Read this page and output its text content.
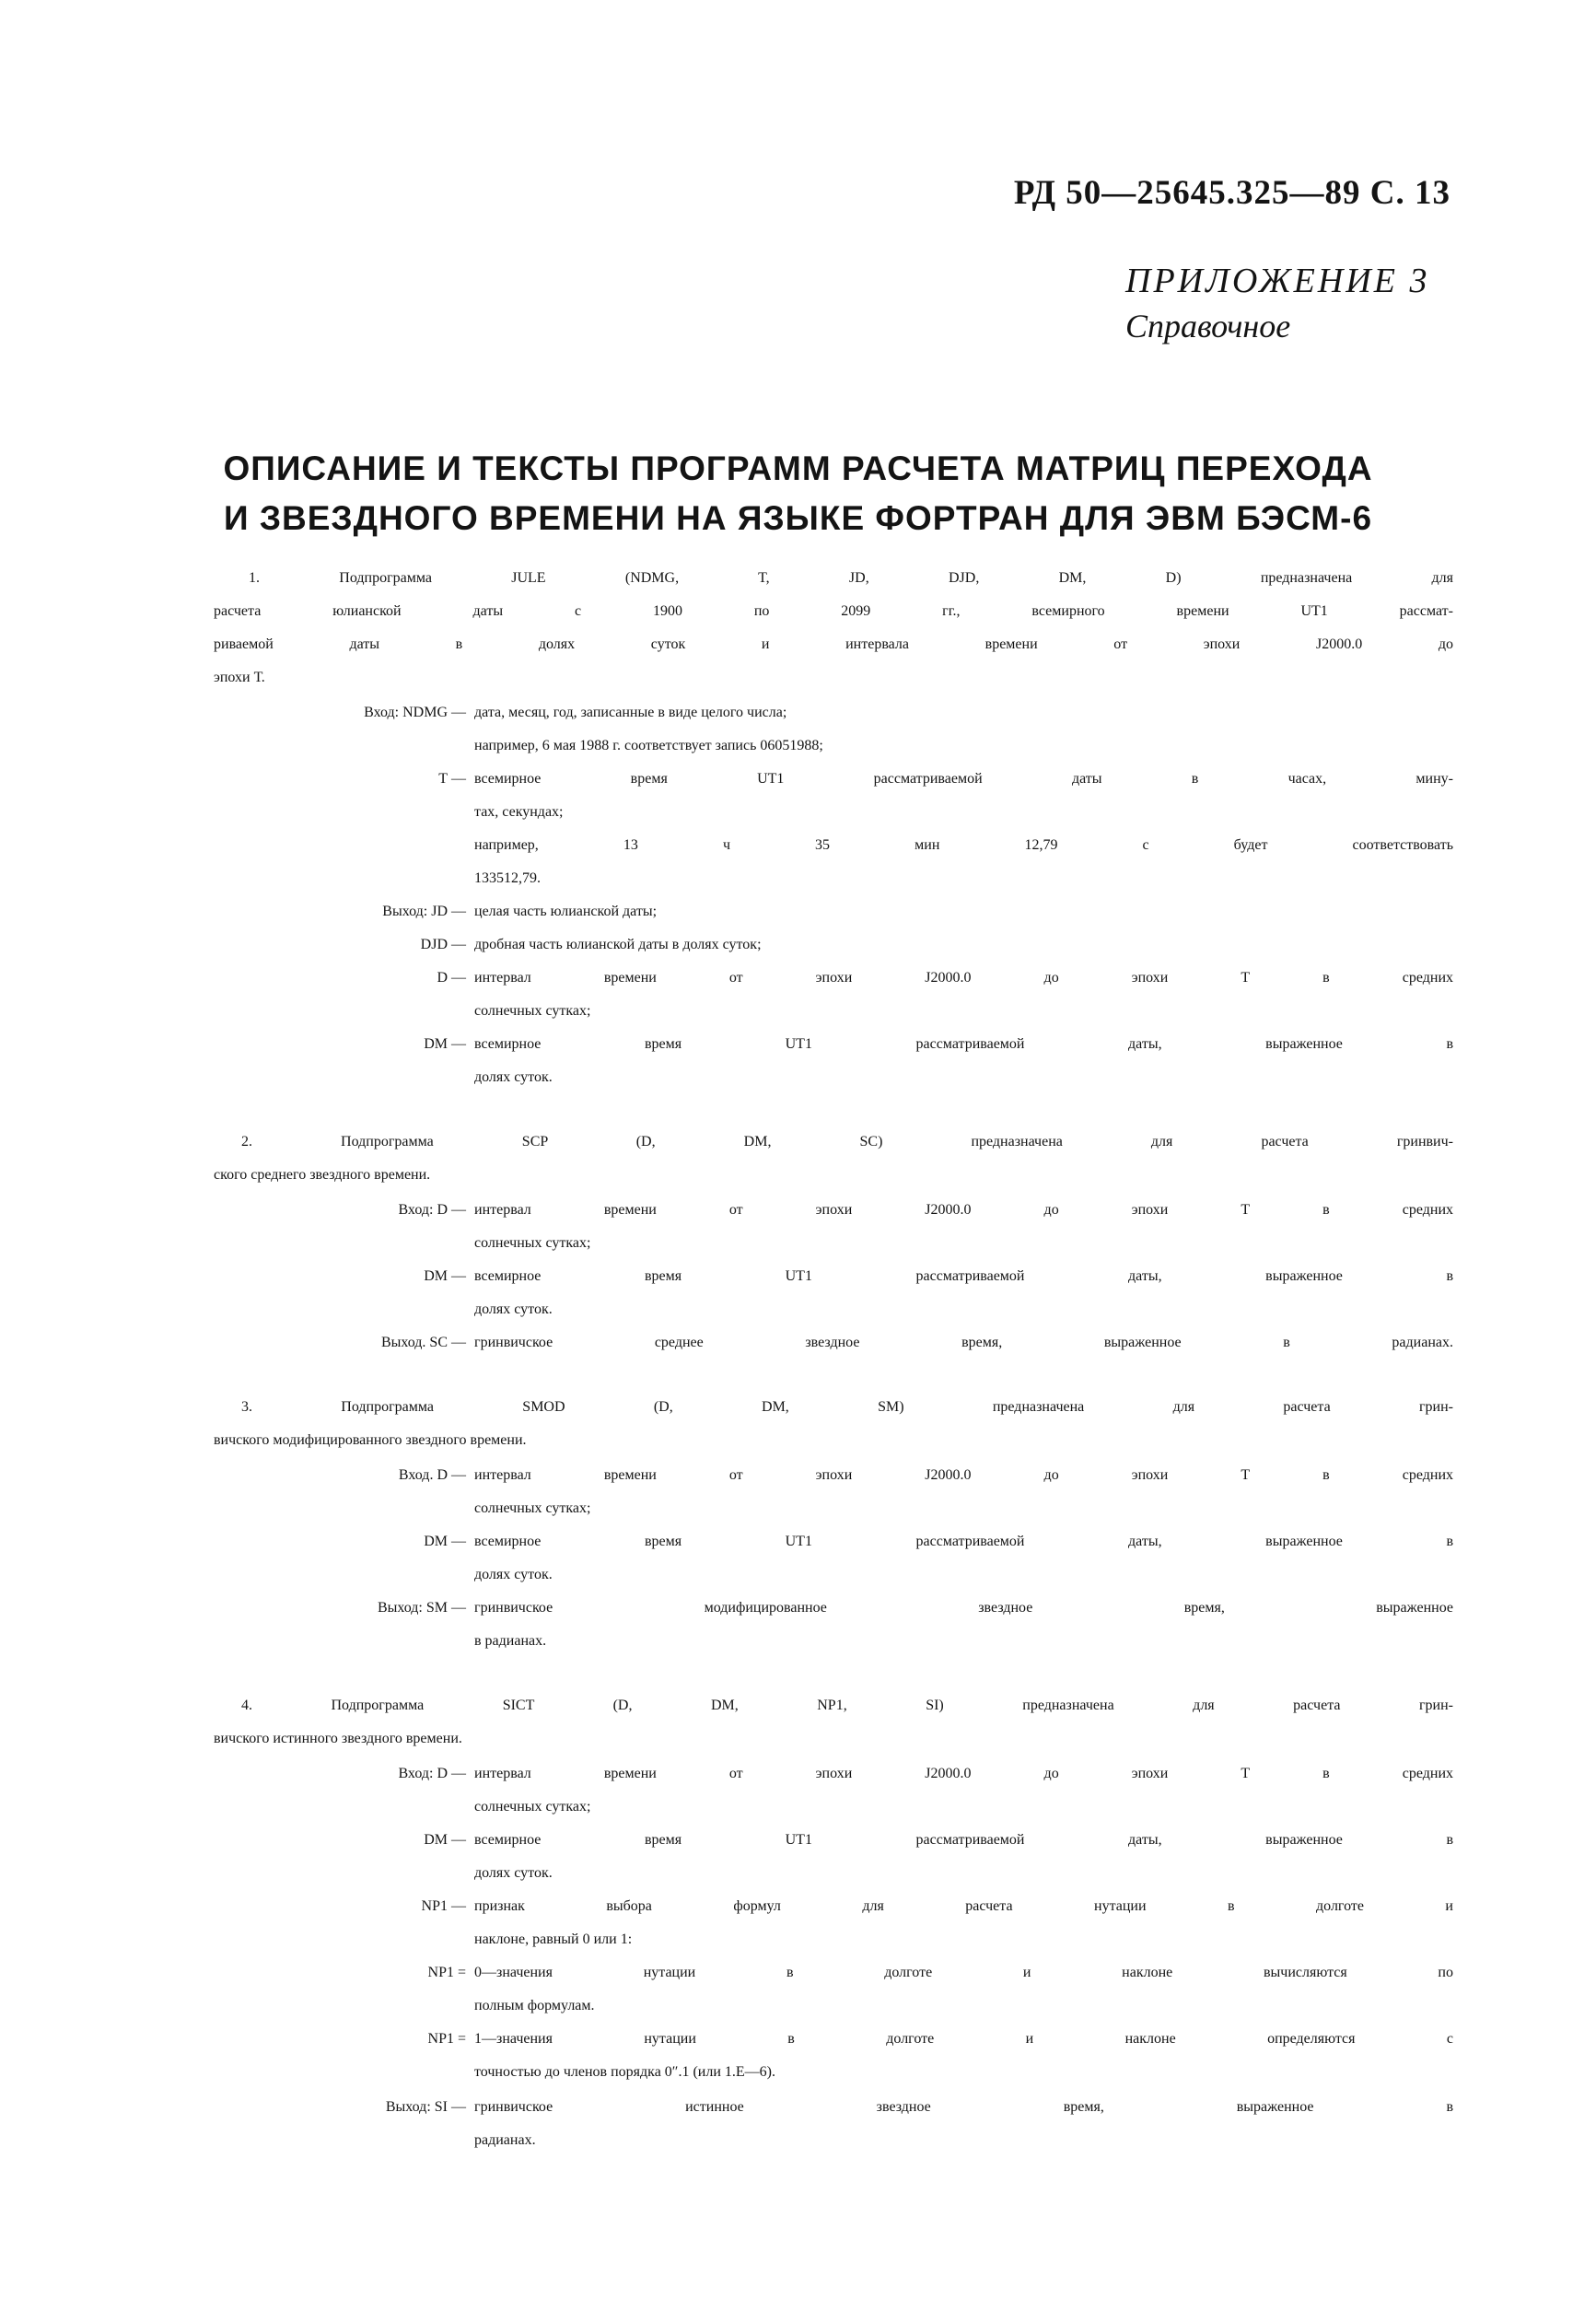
РД 50—25645.325—89 С. 13
ПРИЛОЖЕНИЕ 3
Справочное
ОПИСАНИЕ И ТЕКСТЫ ПРОГРАММ РАСЧЕТА МАТРИЦ ПЕРЕХОДА
И ЗВЕЗДНОГО ВРЕМЕНИ НА ЯЗЫКЕ ФОРТРАН ДЛЯ ЭВМ БЭСМ-6
1. Подпрограмма JULE (NDMG, T, JD, DJD, DM, D) предназначена для
расчета юлианской даты с 1900 по 2099 гг., всемирного времени UT1 рассмат-
риваемой даты в долях суток и интервала времени от эпохи J2000.0 до
эпохи Т.
Вход: NDMG — дата, месяц, год, записанные в виде целого числа;
например, 6 мая 1988 г. соответствует запись 06051988;
Т — всемирное время UT1 рассматриваемой даты в часах, мину-
тах, секундах;
например, 13 ч 35 мин 12,79 с будет соответствовать
133512,79.
Выход: JD — целая часть юлианской даты;
DJD — дробная часть юлианской даты в долях суток;
D — интервал времени от эпохи J2000.0 до эпохи Т в средних
солнечных сутках;
DM — всемирное время UT1 рассматриваемой даты, выраженное в
долях суток.
2. Подпрограмма SCP (D, DM, SC) предназначена для расчета гринвич-
ского среднего звездного времени.
Вход: D — интервал времени от эпохи J2000.0 до эпохи Т в средних
солнечных сутках;
DM — всемирное время UT1 рассматриваемой даты, выраженное в
долях суток.
Выход. SC — гринвичское среднее звездное время, выраженное в радианах.
3. Подпрограмма SMOD (D, DM, SM) предназначена для расчета грин-
вичского модифицированного звездного времени.
Вход. D — интервал времени от эпохи J2000.0 до эпохи Т в средних
солнечных сутках;
DM — всемирное время UT1 рассматриваемой даты, выраженное в
долях суток.
Выход: SM — гринвичское модифицированное звездное время, выраженное
в радианах.
4. Подпрограмма SICT (D, DM, NP1, SI) предназначена для расчета грин-
вичского истинного звездного времени.
Вход: D — интервал времени от эпохи J2000.0 до эпохи Т в средних
солнечных сутках;
DM — всемирное время UT1 рассматриваемой даты, выраженное в
долях суток.
NP1 — признак выбора формул для расчета нутации в долготе и
наклоне, равный 0 или 1:
NP1 = 0—значения нутации в долготе и наклоне вычисляются по
полным формулам.
NP1 = 1—значения нутации в долготе и наклоне определяются с
точностью до членов порядка 0″.1 (или 1.Е—6).
Выход: SI — гринвичское истинное звездное время, выраженное в
радианах.
